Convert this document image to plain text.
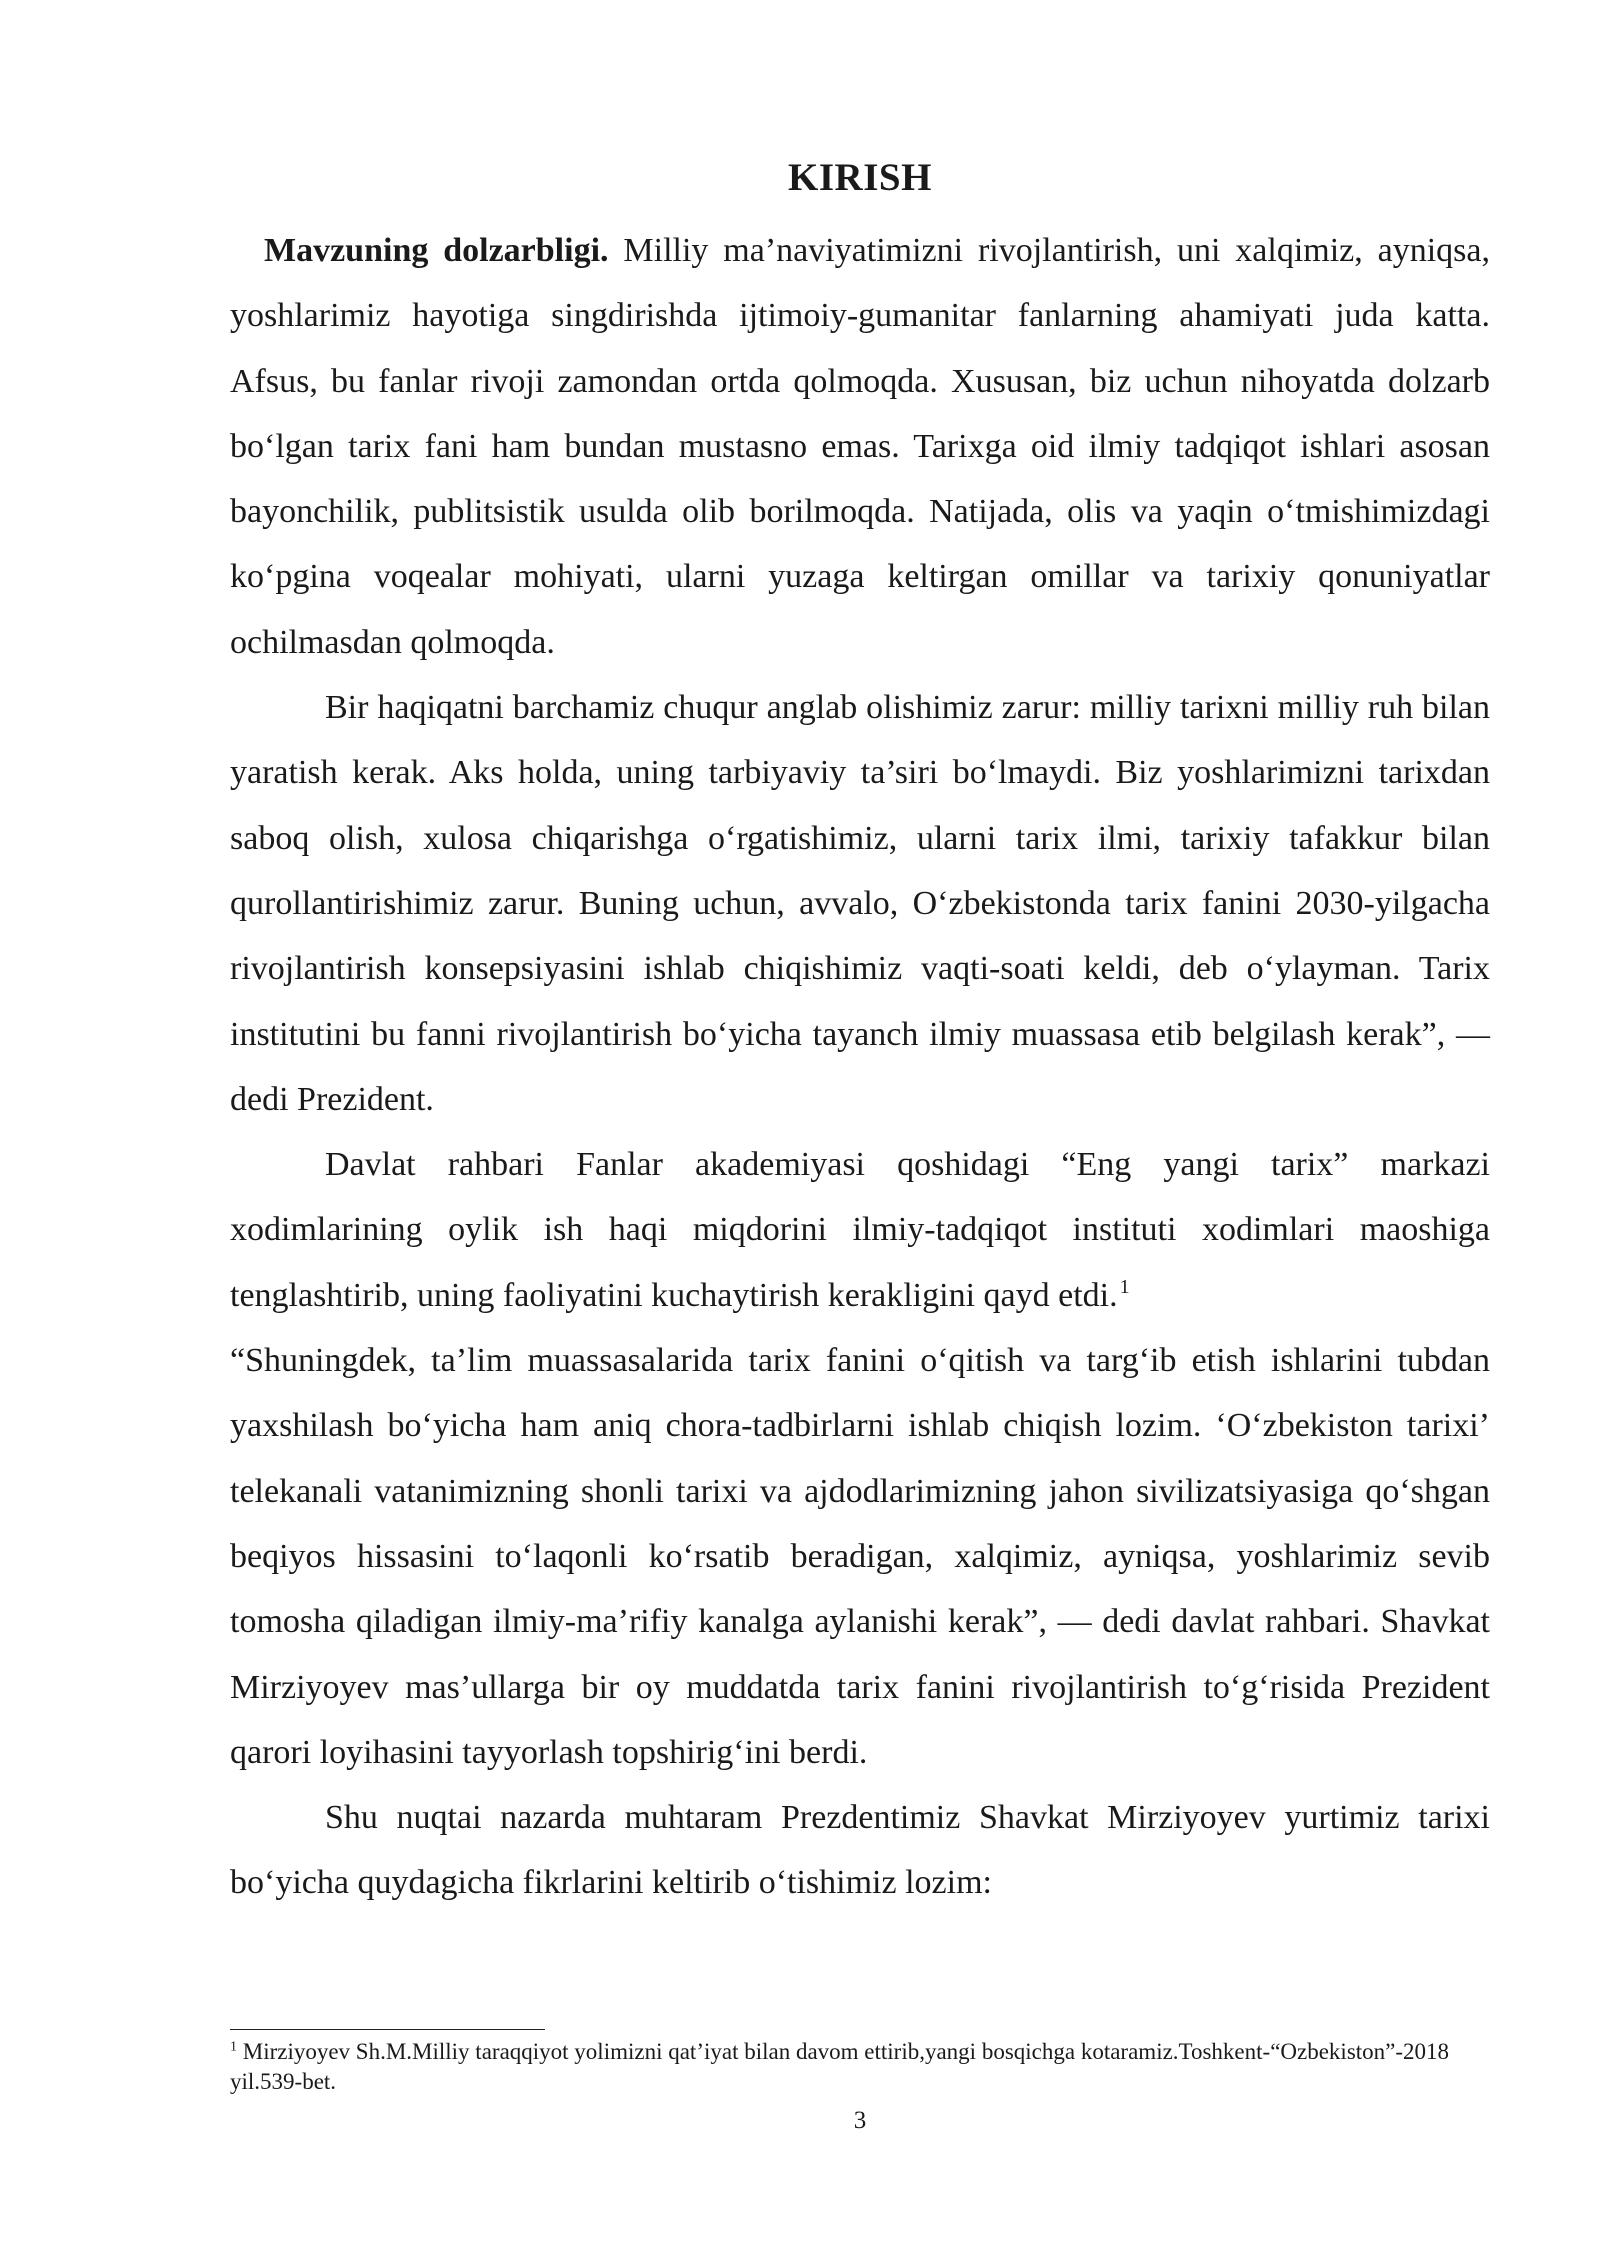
KIRISH

Mavzuning dolzarbligi. Milliy ma’naviyatimizni rivojlantirish, uni xalqimiz, ayniqsa, yoshlarimiz hayotiga singdirishda ijtimoiy-gumanitar fanlarning ahamiyati juda katta. Afsus, bu fanlar rivoji zamondan ortda qolmoqda. Xususan, biz uchun nihoyatda dolzarb bo‘lgan tarix fani ham bundan mustasno emas. Tarixga oid ilmiy tadqiqot ishlari asosan bayonchilik, publitsistik usulda olib borilmoqda. Natijada, olis va yaqin o‘tmishimizdagi ko‘pgina voqealar mohiyati, ularni yuzaga keltirgan omillar va tarixiy qonuniyatlar ochilmasdan qolmoqda.

Bir haqiqatni barchamiz chuqur anglab olishimiz zarur: milliy tarixni milliy ruh bilan yaratish kerak. Aks holda, uning tarbiyaviy ta’siri bo‘lmaydi. Biz yoshlarimizni tarixdan saboq olish, xulosa chiqarishga o‘rgatishimiz, ularni tarix ilmi, tarixiy tafakkur bilan qurollantirishimiz zarur. Buning uchun, avvalo, O‘zbekistonda tarix fanini 2030-yilgacha rivojlantirish konsepsiyasini ishlab chiqishimiz vaqti-soati keldi, deb o‘ylayman. Tarix institutini bu fanni rivojlantirish bo‘yicha tayanch ilmiy muassasa etib belgilash kerak”, — dedi Prezident.

Davlat rahbari Fanlar akademiyasi qoshidagi “Eng yangi tarix” markazi xodimlarining oylik ish haqi miqdorini ilmiy-tadqiqot instituti xodimlari maoshiga tenglashtirib, uning faoliyatini kuchaytirish kerakligini qayd etdi. $^1$

“Shuningdek, ta’lim muassasalarida tarix fanini o‘qitish va targ‘ib etish ishlarini tubdan yaxshilash bo‘yicha ham aniq chora-tadbirlarni ishlab chiqish lozim. ‘O‘zbekiston tarixi’ telekanali vatanimizning shonli tarixi va ajdodlarimizning jahon sivilizatsiyasiga qo‘shgan beqiyos hissasini to‘laqonli ko‘rsatib beradigan, xalqimiz, ayniqsa, yoshlarimiz sevib tomosha qiladigan ilmiy-ma’rifiy kanalga aylanishi kerak”, — dedi davlat rahbari. Shavkat Mirziyoyev mas’ullarga bir oy muddatda tarix fanini rivojlantirish to‘g‘risida Prezident qarori loyihasini tayyorlash topshirig‘ini berdi.

Shu nuqtai nazarda muhtaram Prezdentimiz Shavkat Mirziyoyev yurtimiz tarixi bo‘yicha quydagicha fikrlarini keltirib o‘tishimiz lozim:

$^1$ Mirziyoyev Sh.M.Milliy taraqqiyot yolimizni qat’iyat bilan davom ettirib,yangi bosqichga kotaramiz.Toshkent-“Ozbekiston”-2018 yil.539-bet.

3
